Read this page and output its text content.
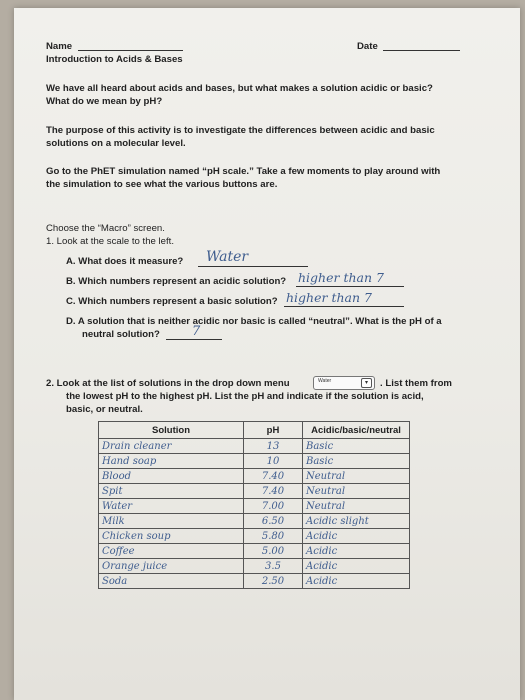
Name	Date
Introduction to Acids & Bases
We have all heard about acids and bases, but what makes a solution acidic or basic?
What do we mean by pH?
The purpose of this activity is to investigate the differences between acidic and basic
solutions on a molecular level.
Go to the PhET simulation named “pH scale.” Take a few moments to play around with
the simulation to see what the various buttons are.
Choose the “Macro” screen.
1. Look at the scale to the left.
A. What does it measure? Water
B. Which numbers represent an acidic solution? higher than 7
C. Which numbers represent a basic solution? higher than 7
D. A solution that is neither acidic nor basic is called “neutral”. What is the pH of a
neutral solution? 7
2. Look at the list of solutions in the drop down menu	Water	▾	. List them from
the lowest pH to the highest pH. List the pH and indicate if the solution is acid,
basic, or neutral.
Solution	pH	Acidic/basic/neutral
Drain cleaner	13	Basic
Hand soap	10	Basic
Blood	7.40	Neutral
Spit	7.40	Neutral
Water	7.00	Neutral
Milk	6.50	Acidic slight
Chicken soup	5.80	Acidic
Coffee	5.00	Acidic
Orange juice	3.5	Acidic
Soda	2.50	Acidic
